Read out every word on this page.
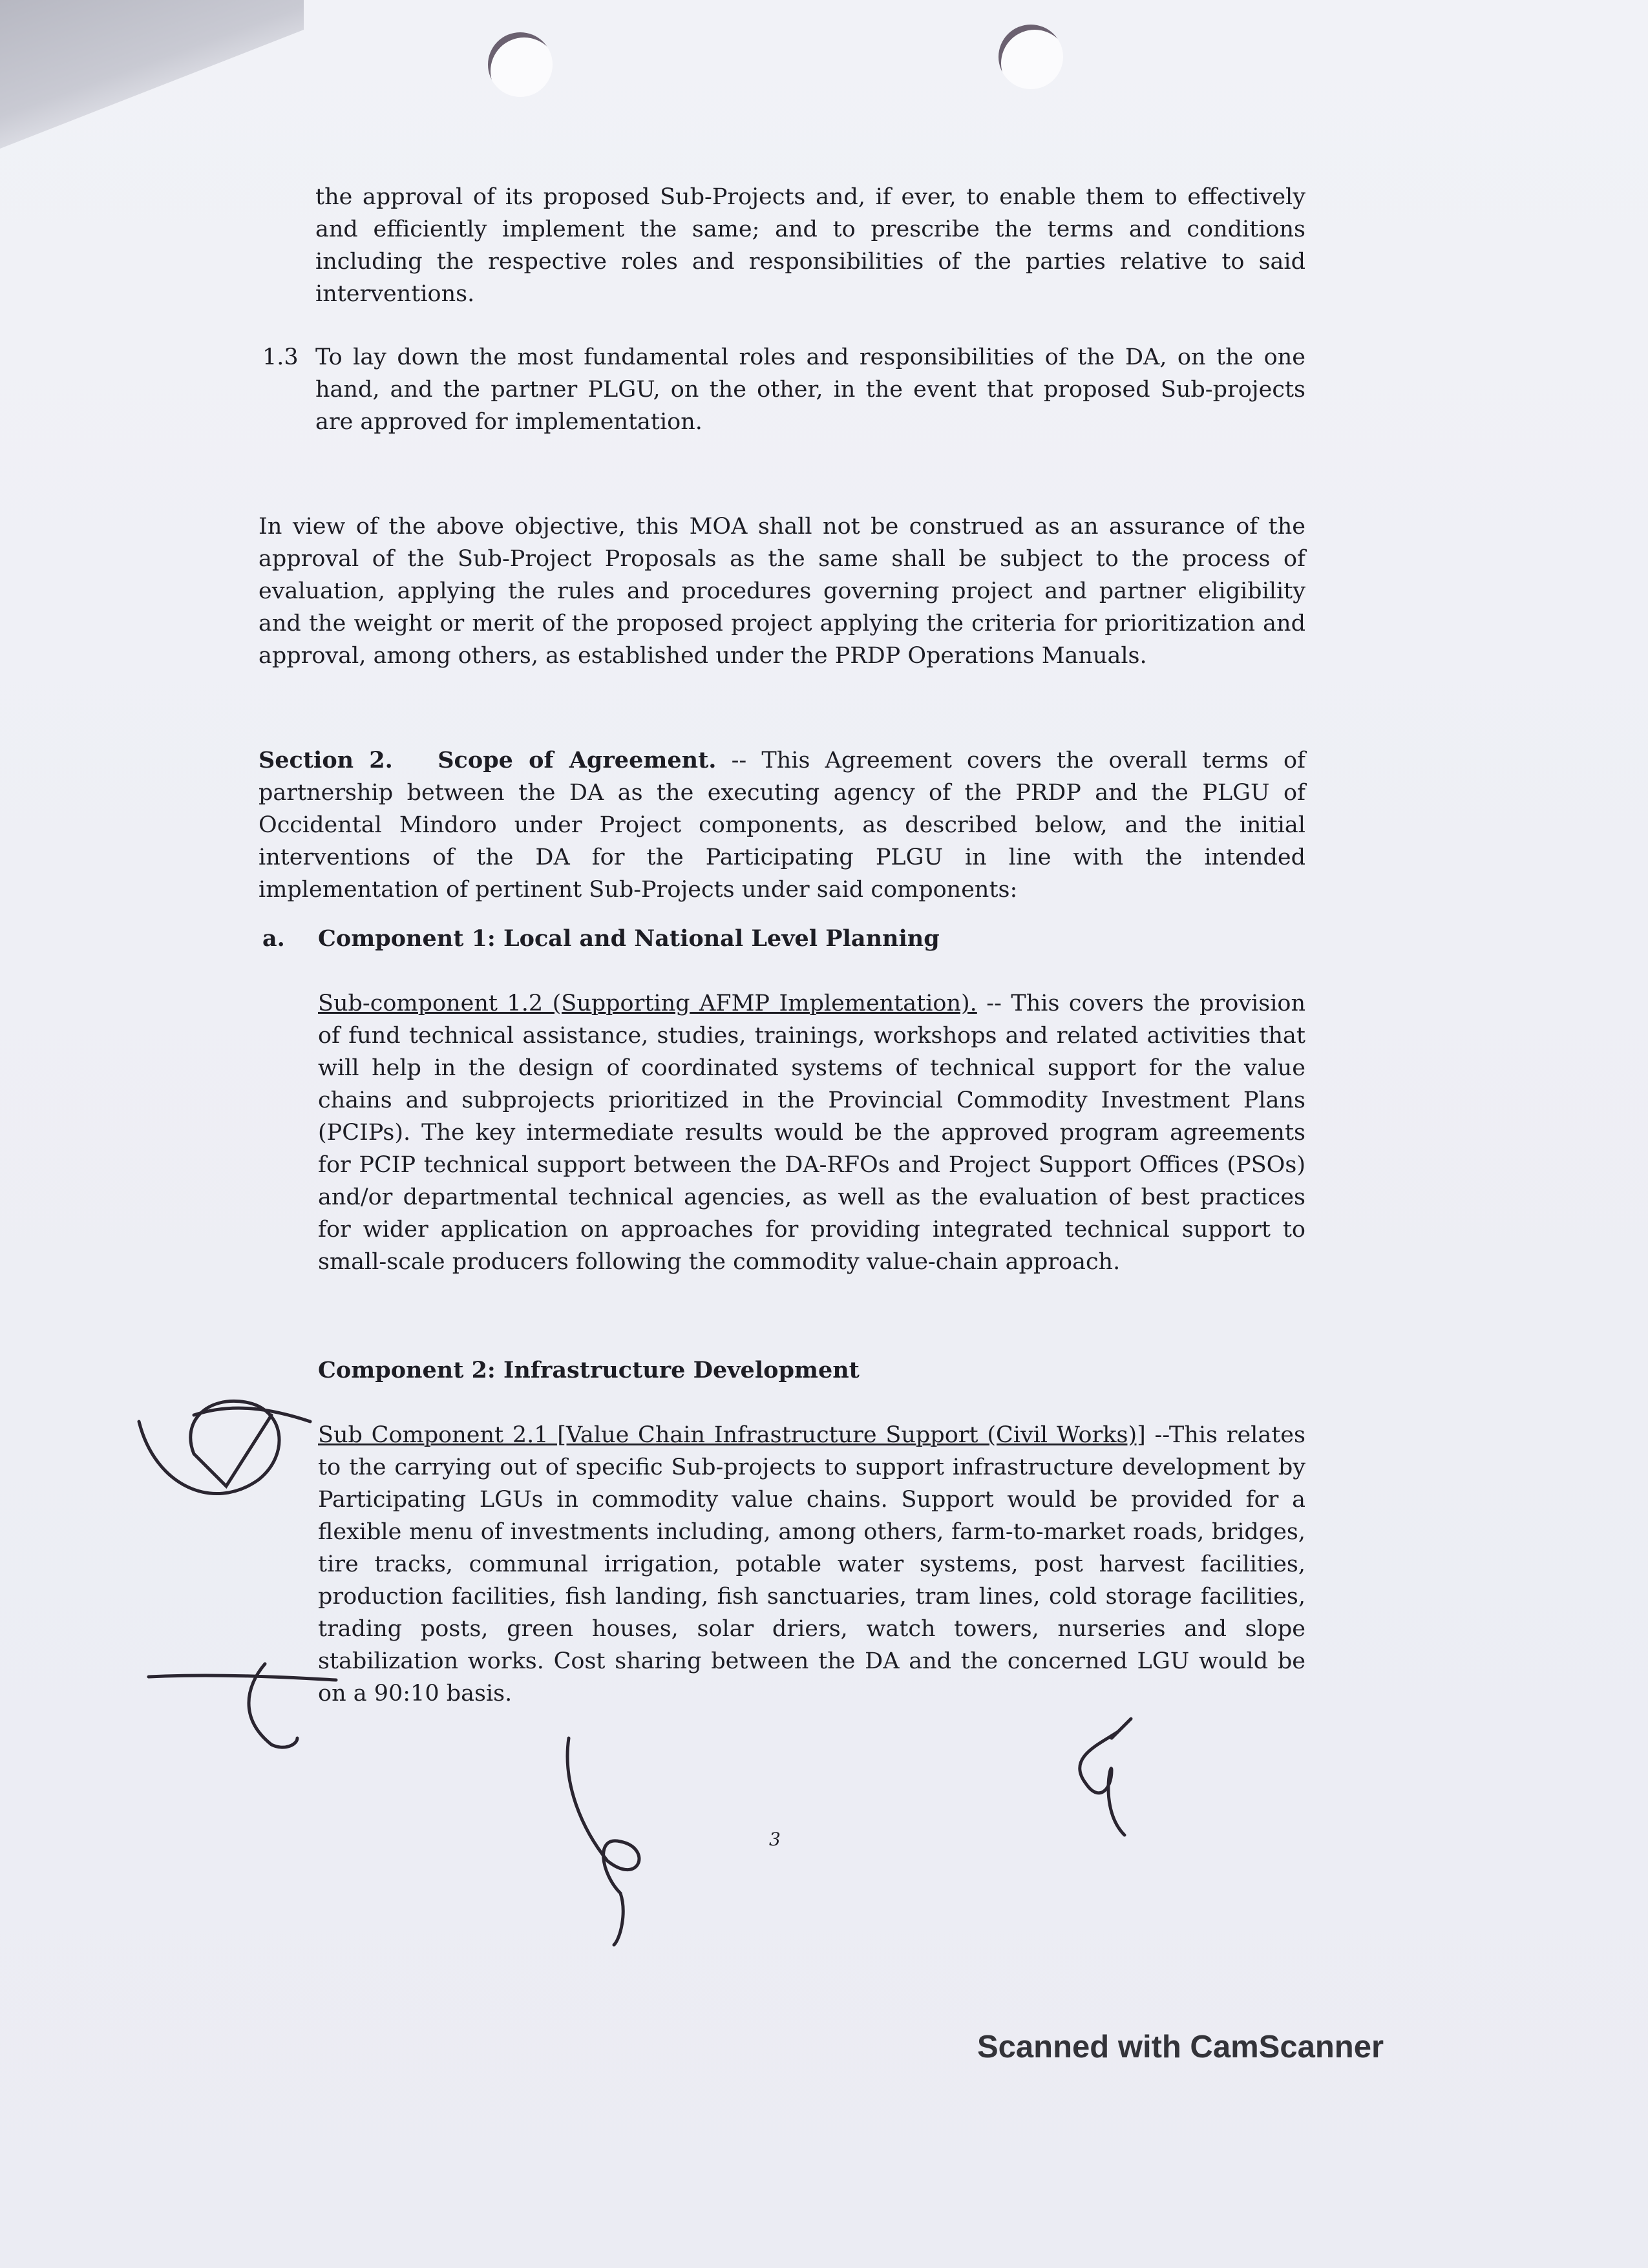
the approval of its proposed Sub-Projects and, if ever, to enable them to effectively and efficiently implement the same; and to prescribe the terms and conditions including the respective roles and responsibilities of the parties relative to said interventions.

1.3 To lay down the most fundamental roles and responsibilities of the DA, on the one hand, and the partner PLGU, on the other, in the event that proposed Sub-projects are approved for implementation.

In view of the above objective, this MOA shall not be construed as an assurance of the approval of the Sub-Project Proposals as the same shall be subject to the process of evaluation, applying the rules and procedures governing project and partner eligibility and the weight or merit of the proposed project applying the criteria for prioritization and approval, among others, as established under the PRDP Operations Manuals.

Section 2. Scope of Agreement. -- This Agreement covers the overall terms of partnership between the DA as the executing agency of the PRDP and the PLGU of Occidental Mindoro under Project components, as described below, and the initial interventions of the DA for the Participating PLGU in line with the intended implementation of pertinent Sub-Projects under said components:

a. Component 1: Local and National Level Planning

Sub-component 1.2 (Supporting AFMP Implementation). -- This covers the provision of fund technical assistance, studies, trainings, workshops and related activities that will help in the design of coordinated systems of technical support for the value chains and subprojects prioritized in the Provincial Commodity Investment Plans (PCIPs). The key intermediate results would be the approved program agreements for PCIP technical support between the DA-RFOs and Project Support Offices (PSOs) and/or departmental technical agencies, as well as the evaluation of best practices for wider application on approaches for providing integrated technical support to small-scale producers following the commodity value-chain approach.

Component 2: Infrastructure Development

Sub Component 2.1 [Value Chain Infrastructure Support (Civil Works)] --This relates to the carrying out of specific Sub-projects to support infrastructure development by Participating LGUs in commodity value chains. Support would be provided for a flexible menu of investments including, among others, farm-to-market roads, bridges, tire tracks, communal irrigation, potable water systems, post harvest facilities, production facilities, fish landing, fish sanctuaries, tram lines, cold storage facilities, trading posts, green houses, solar driers, watch towers, nurseries and slope stabilization works. Cost sharing between the DA and the concerned LGU would be on a 90:10 basis.

3
Scanned with CamScanner
